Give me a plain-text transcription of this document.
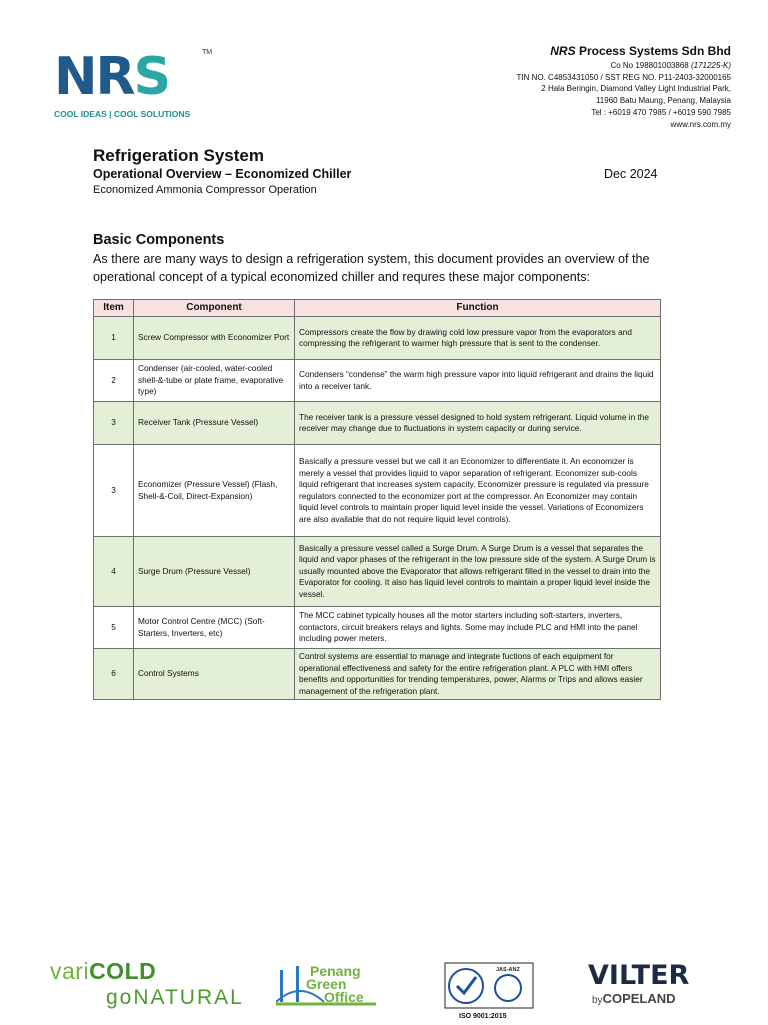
NRS	TM
COOL IDEAS | COOL SOLUTIONS
NRS Process Systems Sdn Bhd
Co No 198801003868 (171225-K)
TIN NO. C4853431050 / SST REG NO. P11-2403-32000165
2 Hala Beringin, Diamond Valley Light Industrial Park,
11960 Batu Maung, Penang, Malaysia
Tel : +6019 470 7985 / +6019 590 7985
www.nrs.com.my
Refrigeration System
Operational Overview – Economized Chiller	Dec 2024
Economized Ammonia Compressor Operation
Basic Components
As there are many ways to design a refrigeration system, this document provides an overview of the operational concept of a typical economized chiller and requres these major components:
Item	Component	Function
1	Screw Compressor with Economizer Port	Compressors create the flow by drawing cold low pressure vapor from the evaporators and compressing the refrigerant to warmer high pressure that is sent to the condenser.
2	Condenser (air-cooled, water-cooled shell-&-tube or plate frame, evaporative type)	Condensers “condense” the warm high pressure vapor into liquid refrigerant and drains the liquid into a receiver tank.
3	Receiver Tank (Pressure Vessel)	The receiver tank is a pressure vessel designed to hold system refrigerant. Liquid volume in the receiver may change due to fluctuations in system capacity or during service.
3	Economizer (Pressure Vessel) (Flash, Shell-&-Coil, Direct-Expansion)	Basically a pressure vessel but we call it an Economizer to differentiate it. An economizer is merely a vessel that provides liquid to vapor separation of refrigerant. Economizer sub-cools liquid refrigerant that increases system capacity. Economizer pressure is regulated via pressure regulators connected to the economizer port at the compressor. An Economizer may contain liquid level controls to maintain proper liquid level inside the vessel. Variations of Economizers are also available that do not require liquid level controls).
4	Surge Drum (Pressure Vessel)	Basically a pressure vessel called a Surge Drum. A Surge Drum is a vessel that separates the liquid and vapor phases of the refrigerant in the low pressure side of the system. A Surge Drum is usually mounted above the Evaporator that allows refrigerant filled in the vessel to drain into the Evaporator for cooling. It also has liquid level controls to maintain a proper liquid level inside the vessel.
5	Motor Control Centre (MCC) (Soft-Starters, Inverters, etc)	The MCC cabinet typically houses all the motor starters including soft-starters, inverters, contactors, circuit breakers relays and lights. Some may include PLC and HMI into the panel including power meters.
6	Control Systems	Control systems are essential to manage and integrate fuctions of each equipment for operational effectiveness and safety for the entire refrigeration plant. A PLC with HMI offers benefits and opportunities for trending temperatures, power, Alarms or Trips and allows easier management of the refrigeration plant.
variCOLD
goNATURAL
Penang
Green
Office
JAS-ANZ
ISO 9001:2015
VILTER
byCOPELAND
